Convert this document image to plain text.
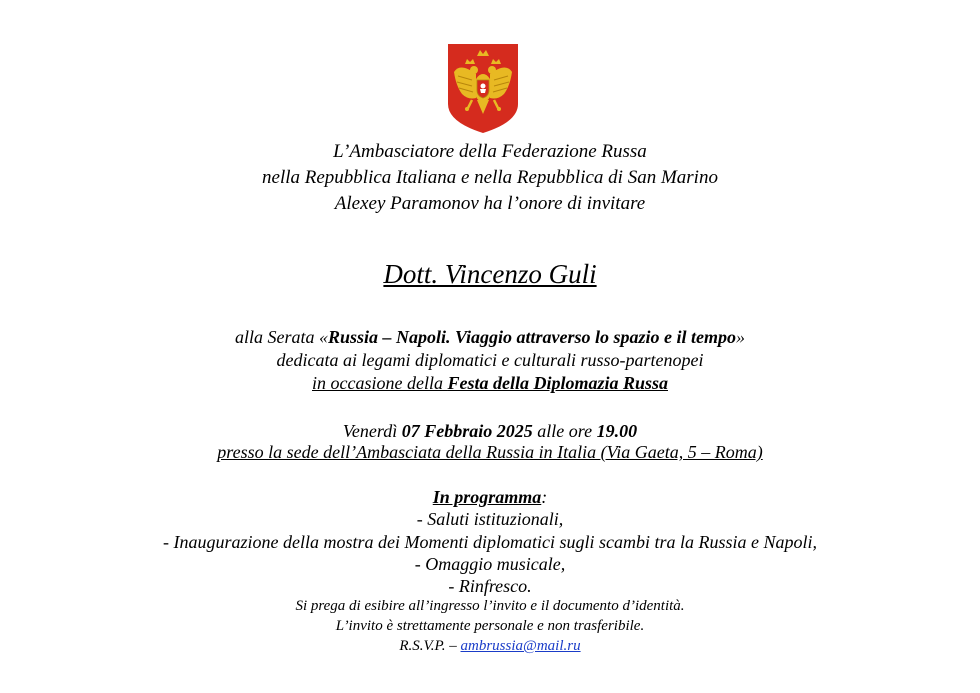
L’Ambasciatore della Federazione Russa
nella Repubblica Italiana e nella Repubblica di San Marino
Alexey Paramonov ha l’onore di invitare
Dott. Vincenzo Guli
alla Serata «Russia – Napoli. Viaggio attraverso lo spazio e il tempo»
dedicata ai legami diplomatici e culturali russo-partenopei
in occasione della Festa della Diplomazia Russa
Venerdì 07 Febbraio 2025 alle ore 19.00
presso la sede dell’Ambasciata della Russia in Italia (Via Gaeta, 5 – Roma)
In programma:
- Saluti istituzionali,
- Inaugurazione della mostra dei Momenti diplomatici sugli scambi tra la Russia e Napoli,
- Omaggio musicale,
- Rinfresco.
Si prega di esibire all’ingresso l’invito e il documento d’identità.
L’invito è strettamente personale e non trasferibile.
R.S.V.P. – ambrussia@mail.ru
